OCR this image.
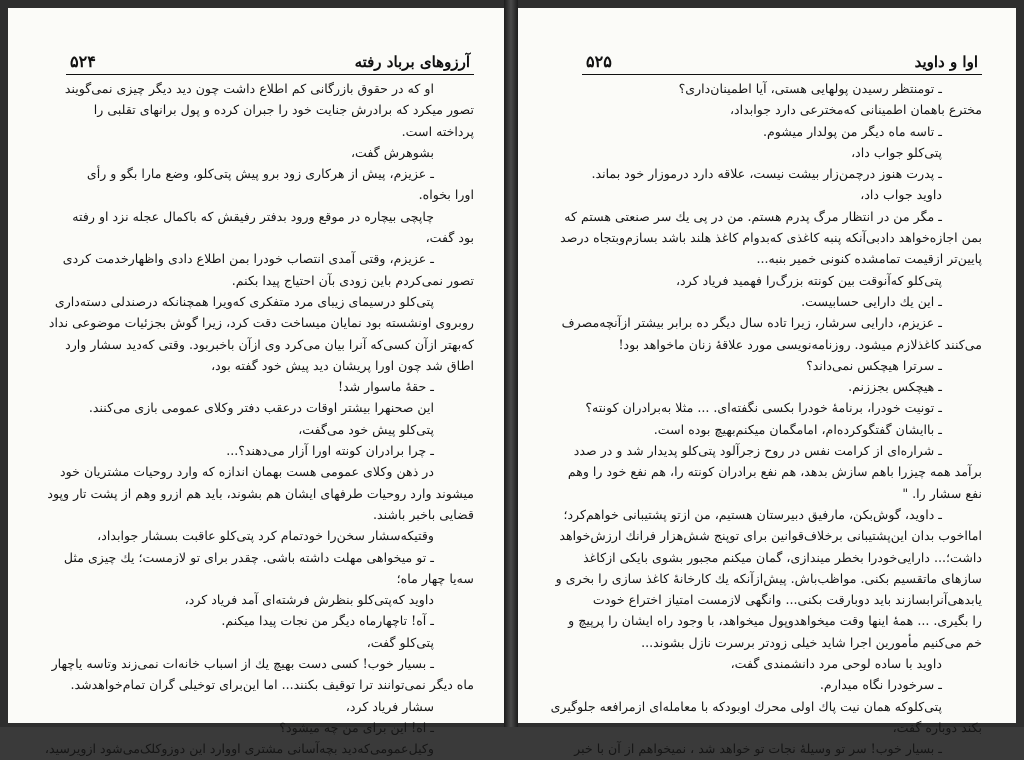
آرزوهای برباد رفته
۵۲۴
او که در حقوق بازرگانی کم اطلاع داشت چون دید دیگر چیزی نمی‌گویند
تصور میکرد که برادرش جنایت خود را جبران کرده و پول برانهای تقلبی را
پرداخته است.
بشوهرش گفت،
ـ عزیزم، پیش از هرکاری زود برو پیش پتی‌کلو، وضع مارا بگو و رأی
اورا بخواه.
چاپچی بیچاره در موقع ورود بدفتر رفیقش که باکمال عجله نزد او رفته
بود گفت،
ـ عزیزم، وقتی آمدی انتصاب خودرا بمن اطلاع دادی واظهارخدمت کردی
تصور نمی‌کردم باین زودی بآن احتیاج پیدا بکنم.
پتی‌کلو درسیمای زیبای مرد متفکری که‌ویرا همچنانکه درصندلی دسته‌داری
روبروی اونشسته بود نمایان میساخت دقت کرد، زیرا گوش بجزئیات موضوعی نداد
که‌بهتر ازآن کسی‌که آنرا بیان می‌کرد وی ازآن باخبربود. وقتی که‌دید سشار وارد
اطاق شد چون اورا پریشان دید پیش خود گفته بود،
ـ حقهٔ ماسوار شد!
این صحنهرا بیشتر اوقات درعقب دفتر وکلای عمومی بازی می‌کنند.
پتی‌کلو پیش خود می‌گفت،
ـ چرا برادران کونته اورا آزار می‌دهند؟...
در ذهن وکلای عمومی هست بهمان اندازه که وارد روحیات مشتریان خود
میشوند وارد روحیات طرفهای ایشان هم بشوند، باید هم ازرو وهم از پشت تار وپود
قضایی باخبر باشند.
وقتیکه‌سشار سخن‌را خودتمام کرد پتی‌کلو عاقبت بسشار جوابداد،
ـ تو میخواهی مهلت داشته باشی. چقدر برای تو لازمست؛ یك چیزی مثل
سه‌یا چهار ماه؛
داوید که‌پتی‌کلو بنظرش فرشته‌ای آمد فریاد کرد،
ـ آه! تاچهارماه دیگر من نجات پیدا میکنم.
پتی‌کلو گفت،
ـ بسیار خوب! کسی دست بهیچ یك از اسباب خانه‌ات نمی‌زند وتاسه یاچهار
ماه دیگر نمی‌توانند ترا توقیف بکنند... اما این‌برای توخیلی گران تمام‌خواهدشد.
سشار فریاد کرد،
ـ اه! این برای من چه میشود؟
وکیل‌عمومی‌که‌دید بچه‌آسانی مشتری اووارد این دوزوکلک‌می‌شود ازویرسید،
اوا و داوید
۵۲۵
ـ تومنتظر رسیدن پولهایی هستی، آیا اطمینان‌داری؟
مخترع باهمان اطمینانی که‌مخترعی دارد جوابداد،
ـ تاسه ماه دیگر من پولدار میشوم.
پتی‌کلو جواب داد،
ـ پدرت هنوز درچمن‌زار بیشت نیست، علاقه دارد درموزار خود بماند.
داوید جواب داد،
ـ مگر من در انتظار مرگ پدرم هستم. من در پی یك سر صنعتی هستم که
بمن اجازه‌خواهد دادبی‌آنکه پنبه کاغذی که‌بدوام کاغذ هلند باشد بسازم‌وبتجاه درصد
پایین‌تر ازقیمت تمامشده کنونی خمیر بنبه...
پتی‌کلو که‌آنوقت بین کونته بزرگ‌را فهمید فریاد کرد،
ـ این یك دارایی حسابیست.
ـ عزیزم، دارایی سرشار، زیرا تاده سال دیگر ده برابر بیشتر ازآنچه‌مصرف
می‌کنند کاغذلازم میشود. روزنامه‌نویسی مورد علاقهٔ زنان ماخواهد بود!
ـ سرترا هیچکس نمی‌داند؟
ـ هیچکس بجززنم.
ـ تونیت خودرا، برنامهٔ خودرا بکسی نگفته‌ای. ... مثلا به‌برادران کونته؟
ـ باایشان گفتگوکرده‌ام، امامگمان میکنم‌بهیچ بوده است.
ـ شراره‌ای از کرامت نفس در روح زجرآلود پتی‌کلو پدیدار شد و در صدد
برآمد همه چیزرا باهم سازش بدهد، هم نفع برادران کونته را، هم نفع خود را وهم
نفع سشار را. "
ـ داوید، گوش‌بکن، مارفیق دبیرستان هستیم، من ازتو پشتیبانی خواهم‌کرد؛
امااخوب بدان این‌پشتیبانی برخلاف‌قوانین برای توپنج شش‌هزار فرانك ارزش‌خواهد
داشت؛... دارایی‌خودرا بخطر میندازی، گمان میکنم مجبور بشوی بایکی ازکاغذ
سازهای ماتقسیم بکنی. مواظب‌باش. پیش‌ازآنکه یك کارخانهٔ کاغذ سازی را بخری و
یابدهی‌آنرابسازند باید دوبارقت بکنی... وانگهی لازمست امتیاز اختراع خودت
را بگیری. ... همهٔ اینها وقت میخواهد‌وپول میخواهد، با وجود راه ایشان را پرپیچ و
خم می‌کنیم مأمورین اجرا شاید خیلی زودتر برسرت نازل بشوند...
داوید با ساده لوحی مرد دانشمندی گفت،
ـ سرخودرا نگاه میدارم.
پتی‌کلوکه همان نیت پاك اولی محرك اوبودکه با معامله‌ای ازمرافعه جلوگیری
بکند دوباره گفت،
ـ بسیار خوب! سر تو وسیلهٔ نجات تو خواهد شد ، نمیخواهم از آن با خبر
